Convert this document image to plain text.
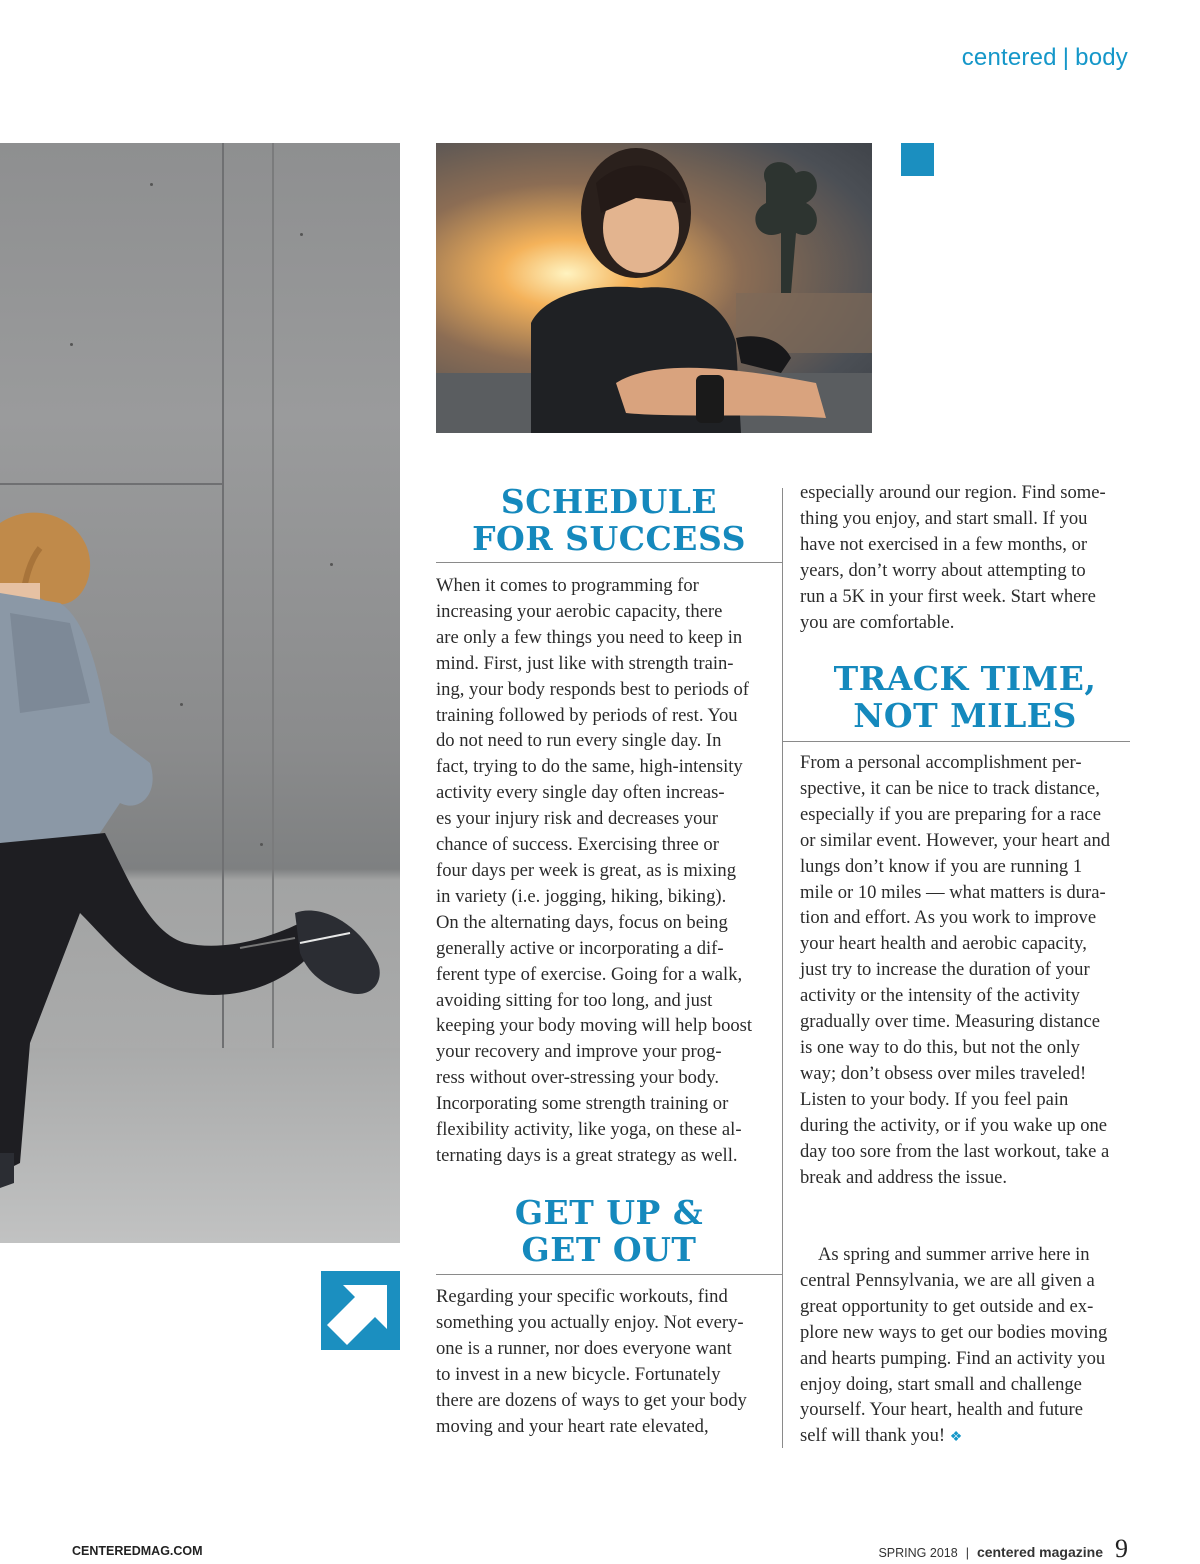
centered | body
SCHEDULE
FOR SUCCESS
When it comes to programming for
increasing your aerobic capacity, there
are only a few things you need to keep in
mind. First, just like with strength train-
ing, your body responds best to periods of
training followed by periods of rest. You
do not need to run every single day. In
fact, trying to do the same, high-intensity
activity every single day often increas-
es your injury risk and decreases your
chance of success. Exercising three or
four days per week is great, as is mixing
in variety (i.e. jogging, hiking, biking).
On the alternating days, focus on being
generally active or incorporating a dif-
ferent type of exercise. Going for a walk,
avoiding sitting for too long, and just
keeping your body moving will help boost
your recovery and improve your prog-
ress without over-stressing your body.
Incorporating some strength training or
flexibility activity, like yoga, on these al-
ternating days is a great strategy as well.
GET UP &
GET OUT
Regarding your specific workouts, find
something you actually enjoy. Not every-
one is a runner, nor does everyone want
to invest in a new bicycle. Fortunately
there are dozens of ways to get your body
moving and your heart rate elevated,
especially around our region. Find some-
thing you enjoy, and start small. If you
have not exercised in a few months, or
years, don’t worry about attempting to
run a 5K in your first week. Start where
you are comfortable.
TRACK TIME,
NOT MILES
From a personal accomplishment per-
spective, it can be nice to track distance,
especially if you are preparing for a race
or similar event. However, your heart and
lungs don’t know if you are running 1
mile or 10 miles — what matters is dura-
tion and effort. As you work to improve
your heart health and aerobic capacity,
just try to increase the duration of your
activity or the intensity of the activity
gradually over time. Measuring distance
is one way to do this, but not the only
way; don’t obsess over miles traveled!
Listen to your body. If you feel pain
during the activity, or if you wake up one
day too sore from the last workout, take a
break and address the issue.
As spring and summer arrive here in
central Pennsylvania, we are all given a
great opportunity to get outside and ex-
plore new ways to get our bodies moving
and hearts pumping. Find an activity you
enjoy doing, start small and challenge
yourself. Your heart, health and future
self will thank you! ❖
CENTEREDMAG.COM	SPRING 2018 | centered magazine 9
